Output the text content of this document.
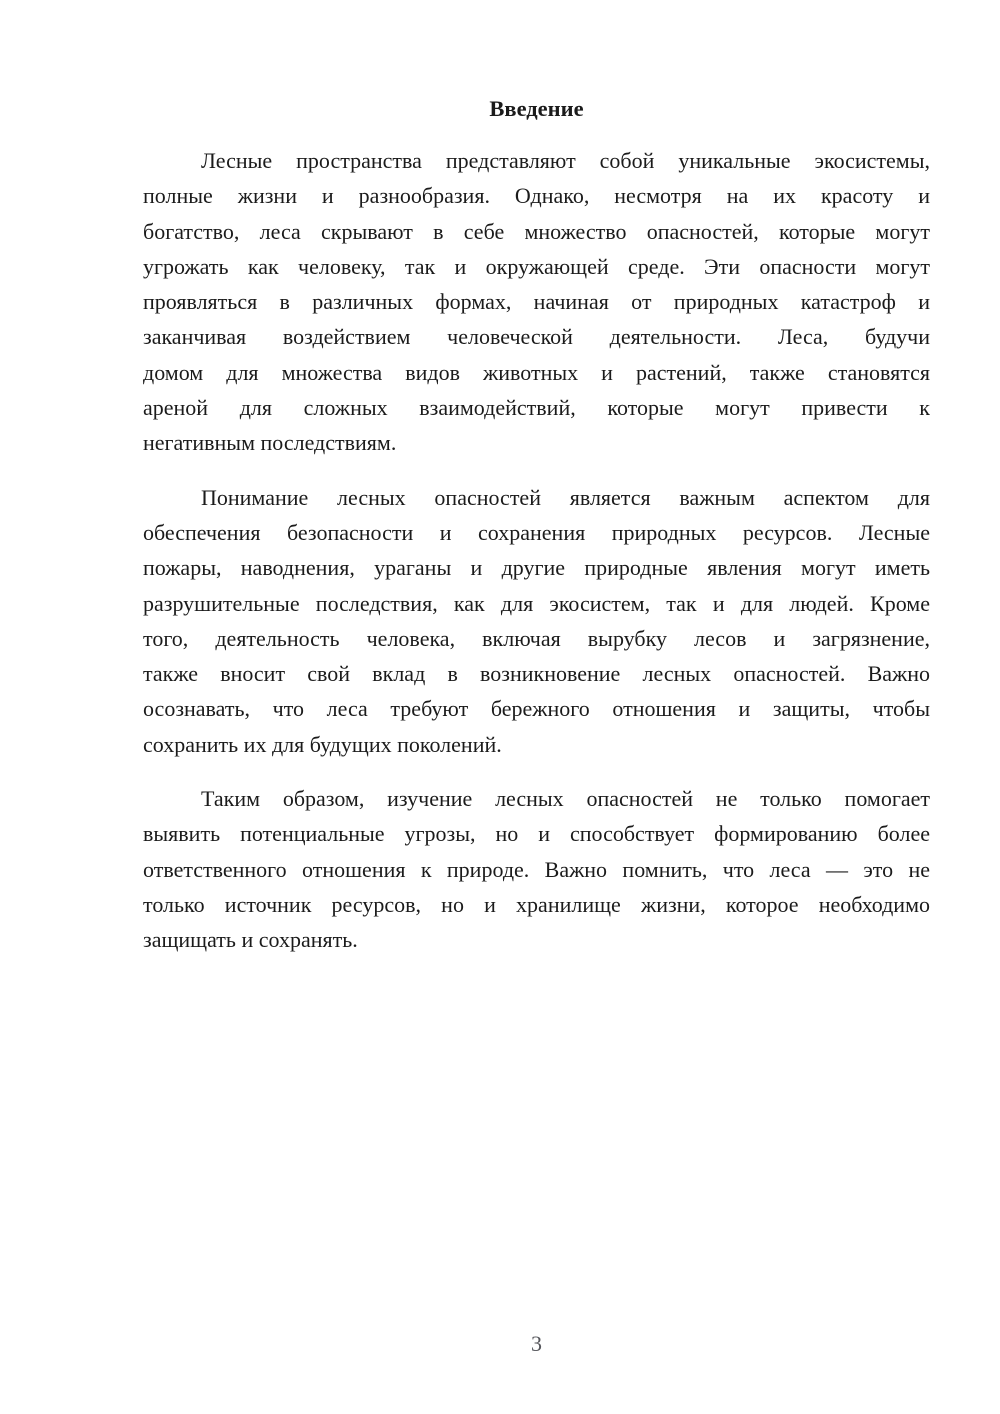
Введение
Лесные пространства представляют собой уникальные экосистемы,
полные жизни и разнообразия. Однако, несмотря на их красоту и
богатство, леса скрывают в себе множество опасностей, которые могут
угрожать как человеку, так и окружающей среде. Эти опасности могут
проявляться в различных формах, начиная от природных катастроф и
заканчивая воздействием человеческой деятельности. Леса, будучи
домом для множества видов животных и растений, также становятся
ареной для сложных взаимодействий, которые могут привести к
негативным последствиям.
Понимание лесных опасностей является важным аспектом для
обеспечения безопасности и сохранения природных ресурсов. Лесные
пожары, наводнения, ураганы и другие природные явления могут иметь
разрушительные последствия, как для экосистем, так и для людей. Кроме
того, деятельность человека, включая вырубку лесов и загрязнение,
также вносит свой вклад в возникновение лесных опасностей. Важно
осознавать, что леса требуют бережного отношения и защиты, чтобы
сохранить их для будущих поколений.
Таким образом, изучение лесных опасностей не только помогает
выявить потенциальные угрозы, но и способствует формированию более
ответственного отношения к природе. Важно помнить, что леса — это не
только источник ресурсов, но и хранилище жизни, которое необходимо
защищать и сохранять.
3
